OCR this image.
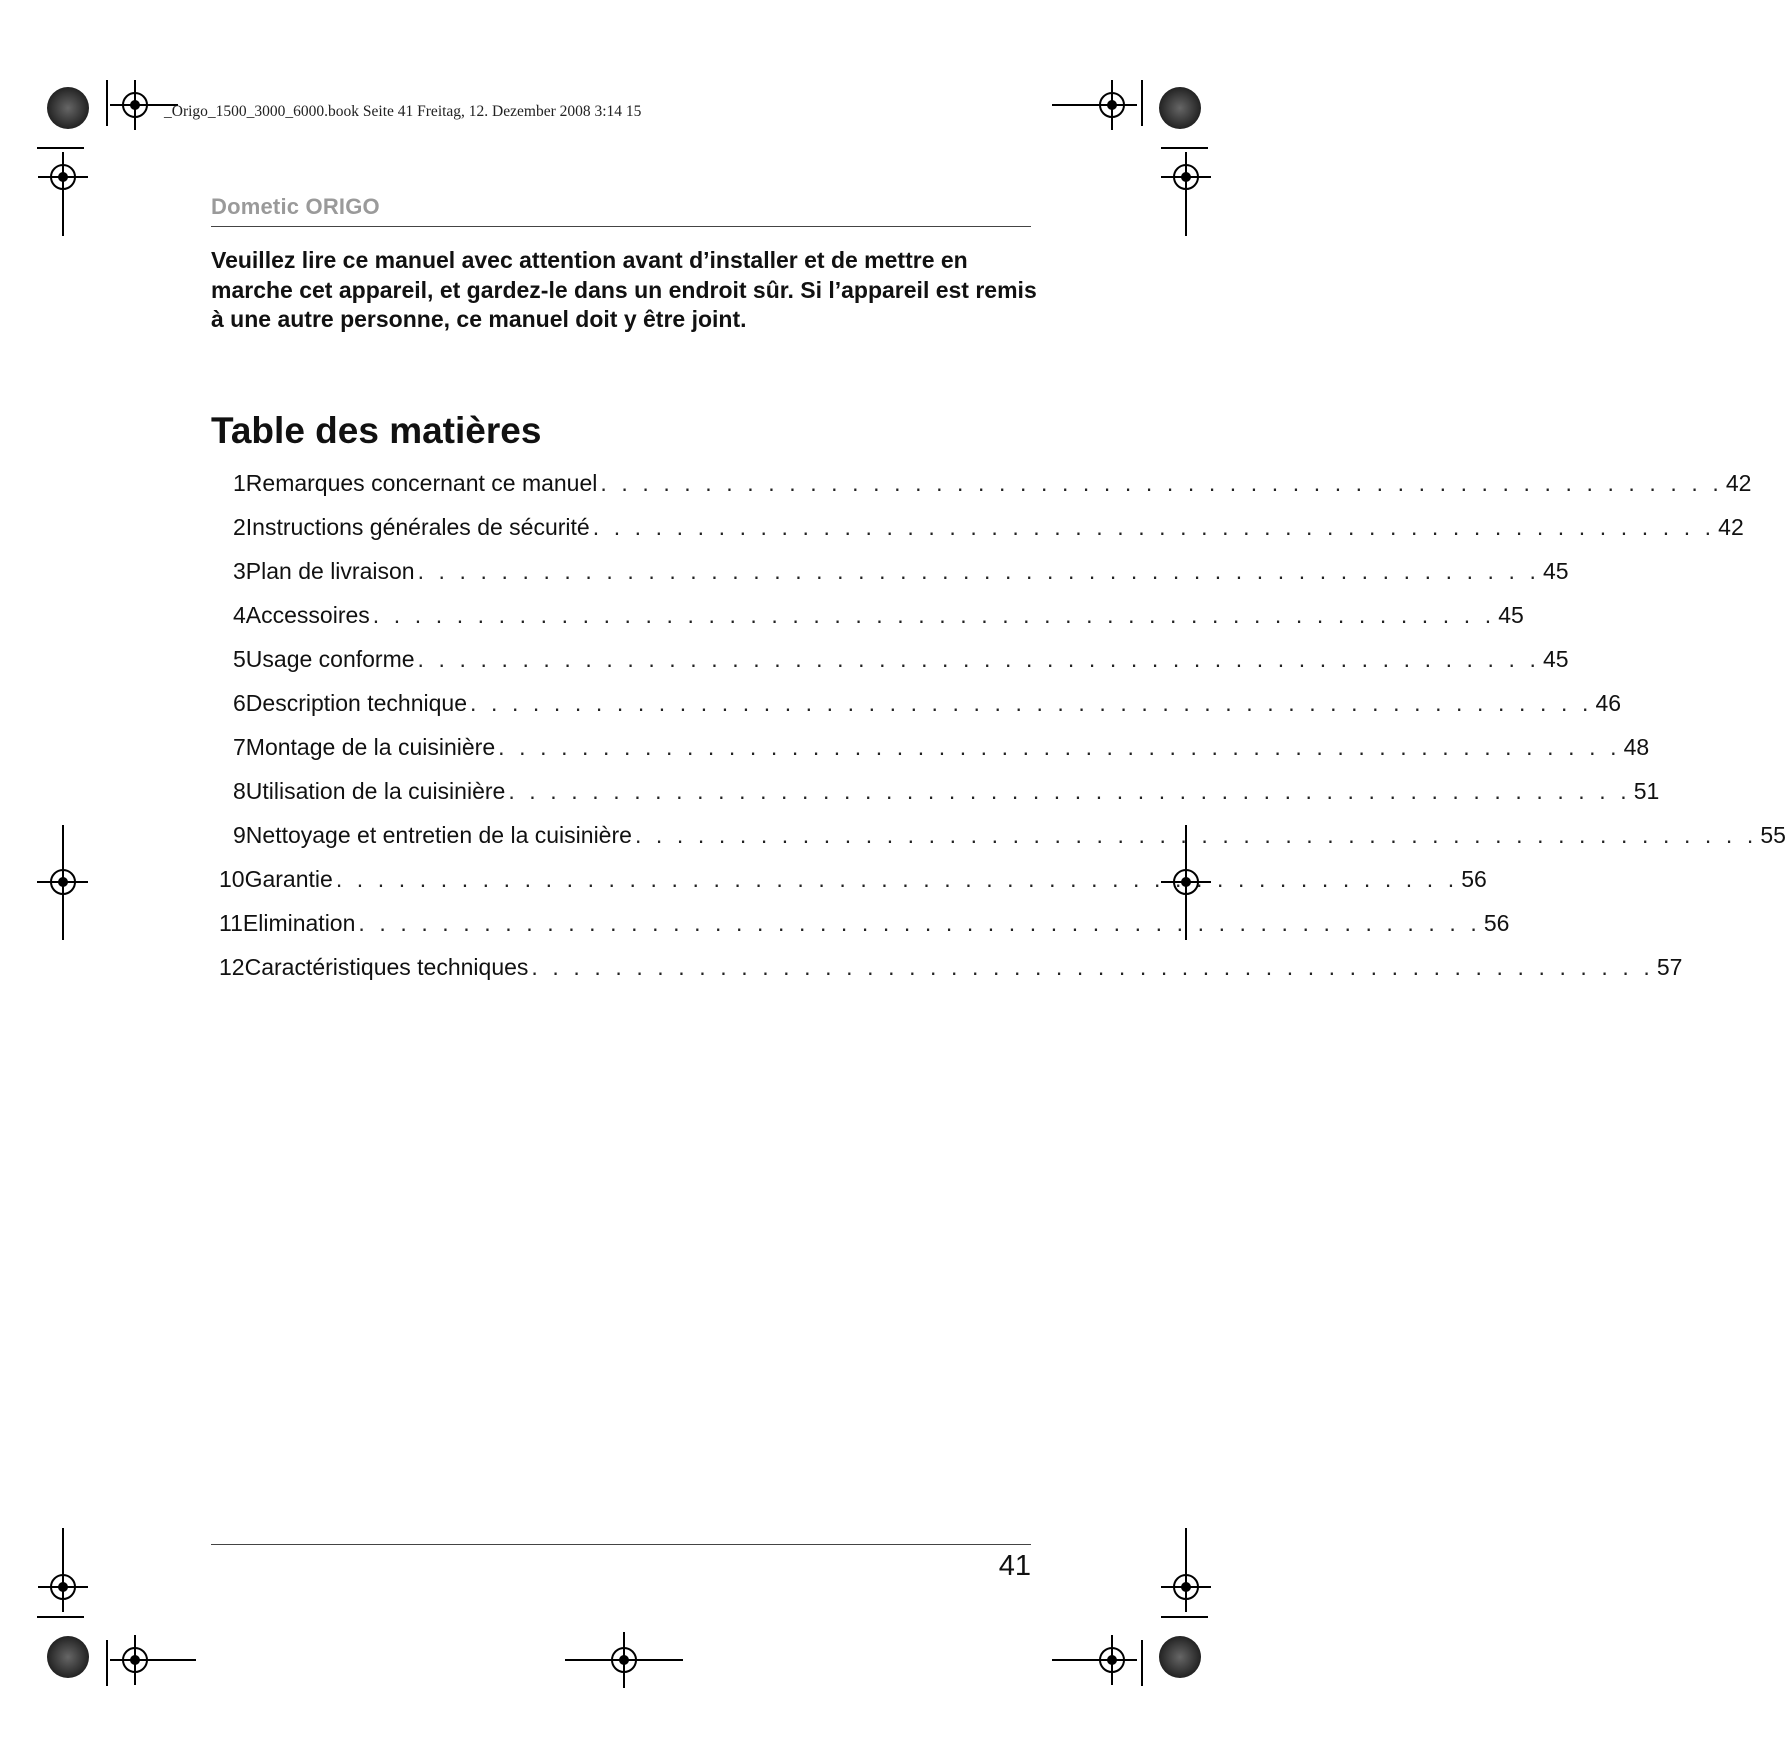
_Origo_1500_3000_6000.book Seite 41 Freitag, 12. Dezember 2008 3:14 15
Dometic ORIGO
Veuillez lire ce manuel avec attention avant d’installer et de mettre en marche cet appareil, et gardez-le dans un endroit sûr. Si l’appareil est remis à une autre personne, ce manuel doit y être joint.
Table des matières
1 Remarques concernant ce manuel . . . . . . . . . . . . . . . . . . . . . . . . . . . . . . . . . . . . . . . . . . . . . . . . . . . . . . 42
2 Instructions générales de sécurité . . . . . . . . . . . . . . . . . . . . . . . . . . . . . . . . . . . . . . . . . . . . . . . . . . . . . . 42
3 Plan de livraison . . . . . . . . . . . . . . . . . . . . . . . . . . . . . . . . . . . . . . . . . . . . . . . . . . . . . . 45
4 Accessoires . . . . . . . . . . . . . . . . . . . . . . . . . . . . . . . . . . . . . . . . . . . . . . . . . . . . . . 45
5 Usage conforme . . . . . . . . . . . . . . . . . . . . . . . . . . . . . . . . . . . . . . . . . . . . . . . . . . . . . . 45
6 Description technique . . . . . . . . . . . . . . . . . . . . . . . . . . . . . . . . . . . . . . . . . . . . . . . . . . . . . . 46
7 Montage de la cuisinière . . . . . . . . . . . . . . . . . . . . . . . . . . . . . . . . . . . . . . . . . . . . . . . . . . . . . . 48
8 Utilisation de la cuisinière . . . . . . . . . . . . . . . . . . . . . . . . . . . . . . . . . . . . . . . . . . . . . . . . . . . . . . 51
9 Nettoyage et entretien de la cuisinière . . . . . . . . . . . . . . . . . . . . . . . . . . . . . . . . . . . . . . . . . . . . . . . . . . . . . . 55
10 Garantie . . . . . . . . . . . . . . . . . . . . . . . . . . . . . . . . . . . . . . . . . . . . . . . . . . . . . . 56
11 Elimination . . . . . . . . . . . . . . . . . . . . . . . . . . . . . . . . . . . . . . . . . . . . . . . . . . . . . . 56
12 Caractéristiques techniques . . . . . . . . . . . . . . . . . . . . . . . . . . . . . . . . . . . . . . . . . . . . . . . . . . . . . . 57
41
